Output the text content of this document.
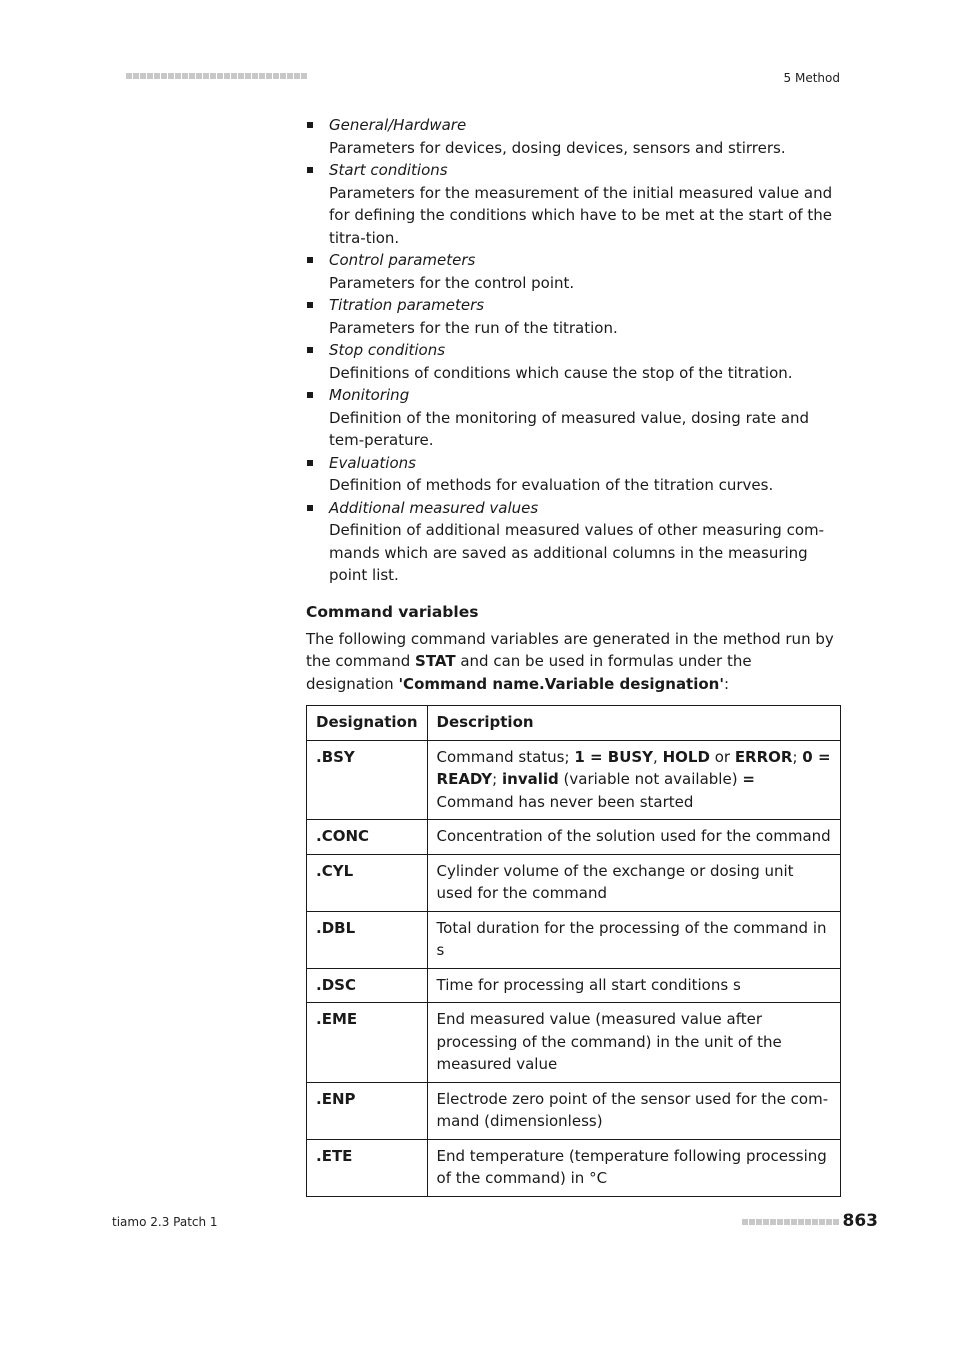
5 Method
General/Hardware
Parameters for devices, dosing devices, sensors and stirrers.
Start conditions
Parameters for the measurement of the initial measured value and for defining the conditions which have to be met at the start of the titra-tion.
Control parameters
Parameters for the control point.
Titration parameters
Parameters for the run of the titration.
Stop conditions
Definitions of conditions which cause the stop of the titration.
Monitoring
Definition of the monitoring of measured value, dosing rate and tem-perature.
Evaluations
Definition of methods for evaluation of the titration curves.
Additional measured values
Definition of additional measured values of other measuring com-mands which are saved as additional columns in the measuring point list.
Command variables

The following command variables are generated in the method run by the command STAT and can be used in formulas under the designation 'Command name.Variable designation':

Designation	Description
.BSY	Command status; 1 = BUSY, HOLD or ERROR; 0 = READY; invalid (variable not available) = Command has never been started
.CONC	Concentration of the solution used for the command
.CYL	Cylinder volume of the exchange or dosing unit used for the command
.DBL	Total duration for the processing of the command in s
.DSC	Time for processing all start conditions s
.EME	End measured value (measured value after processing of the command) in the unit of the measured value
.ENP	Electrode zero point of the sensor used for the com-mand (dimensionless)
.ETE	End temperature (temperature following processing of the command) in °C
tiamo 2.3 Patch 1	863
